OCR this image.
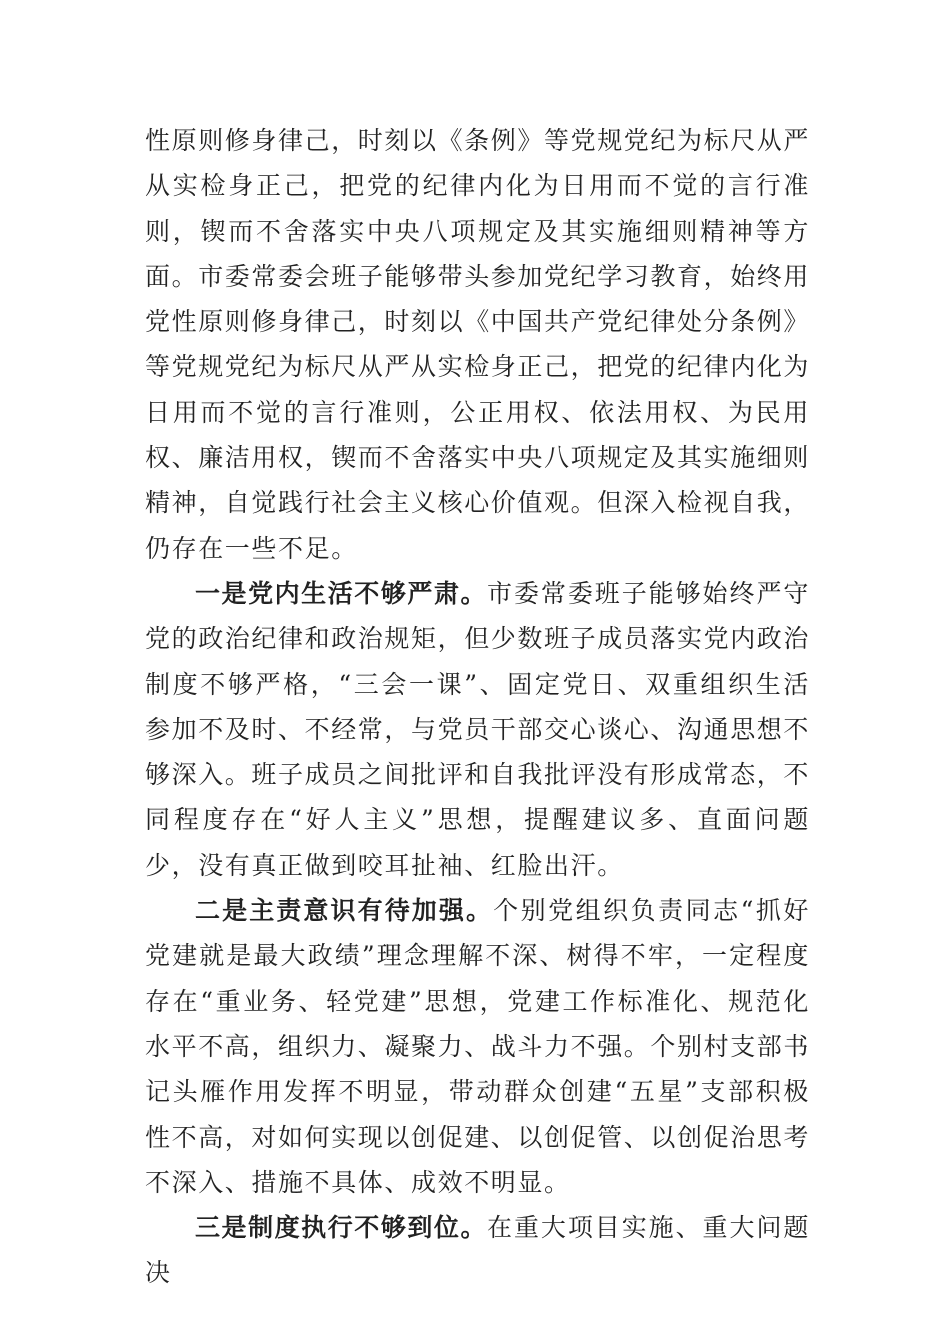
性原则修身律己，时刻以《条例》等党规党纪为标尺从严从实检身正己，把党的纪律内化为日用而不觉的言行准则，锲而不舍落实中央八项规定及其实施细则精神等方面。市委常委会班子能够带头参加党纪学习教育，始终用党性原则修身律己，时刻以《中国共产党纪律处分条例》等党规党纪为标尺从严从实检身正己，把党的纪律内化为日用而不觉的言行准则，公正用权、依法用权、为民用权、廉洁用权，锲而不舍落实中央八项规定及其实施细则精神，自觉践行社会主义核心价值观。但深入检视自我，仍存在一些不足。

一是党内生活不够严肃。市委常委班子能够始终严守党的政治纪律和政治规矩，但少数班子成员落实党内政治制度不够严格，“三会一课”、固定党日、双重组织生活参加不及时、不经常，与党员干部交心谈心、沟通思想不够深入。班子成员之间批评和自我批评没有形成常态，不同程度存在“好人主义”思想，提醒建议多、直面问题少，没有真正做到咬耳扯袖、红脸出汗。

二是主责意识有待加强。个别党组织负责同志“抓好党建就是最大政绩”理念理解不深、树得不牢，一定程度存在“重业务、轻党建”思想，党建工作标准化、规范化水平不高，组织力、凝聚力、战斗力不强。个别村支部书记头雁作用发挥不明显，带动群众创建“五星”支部积极性不高，对如何实现以创促建、以创促管、以创促治思考不深入、措施不具体、成效不明显。

三是制度执行不够到位。在重大项目实施、重大问题决
